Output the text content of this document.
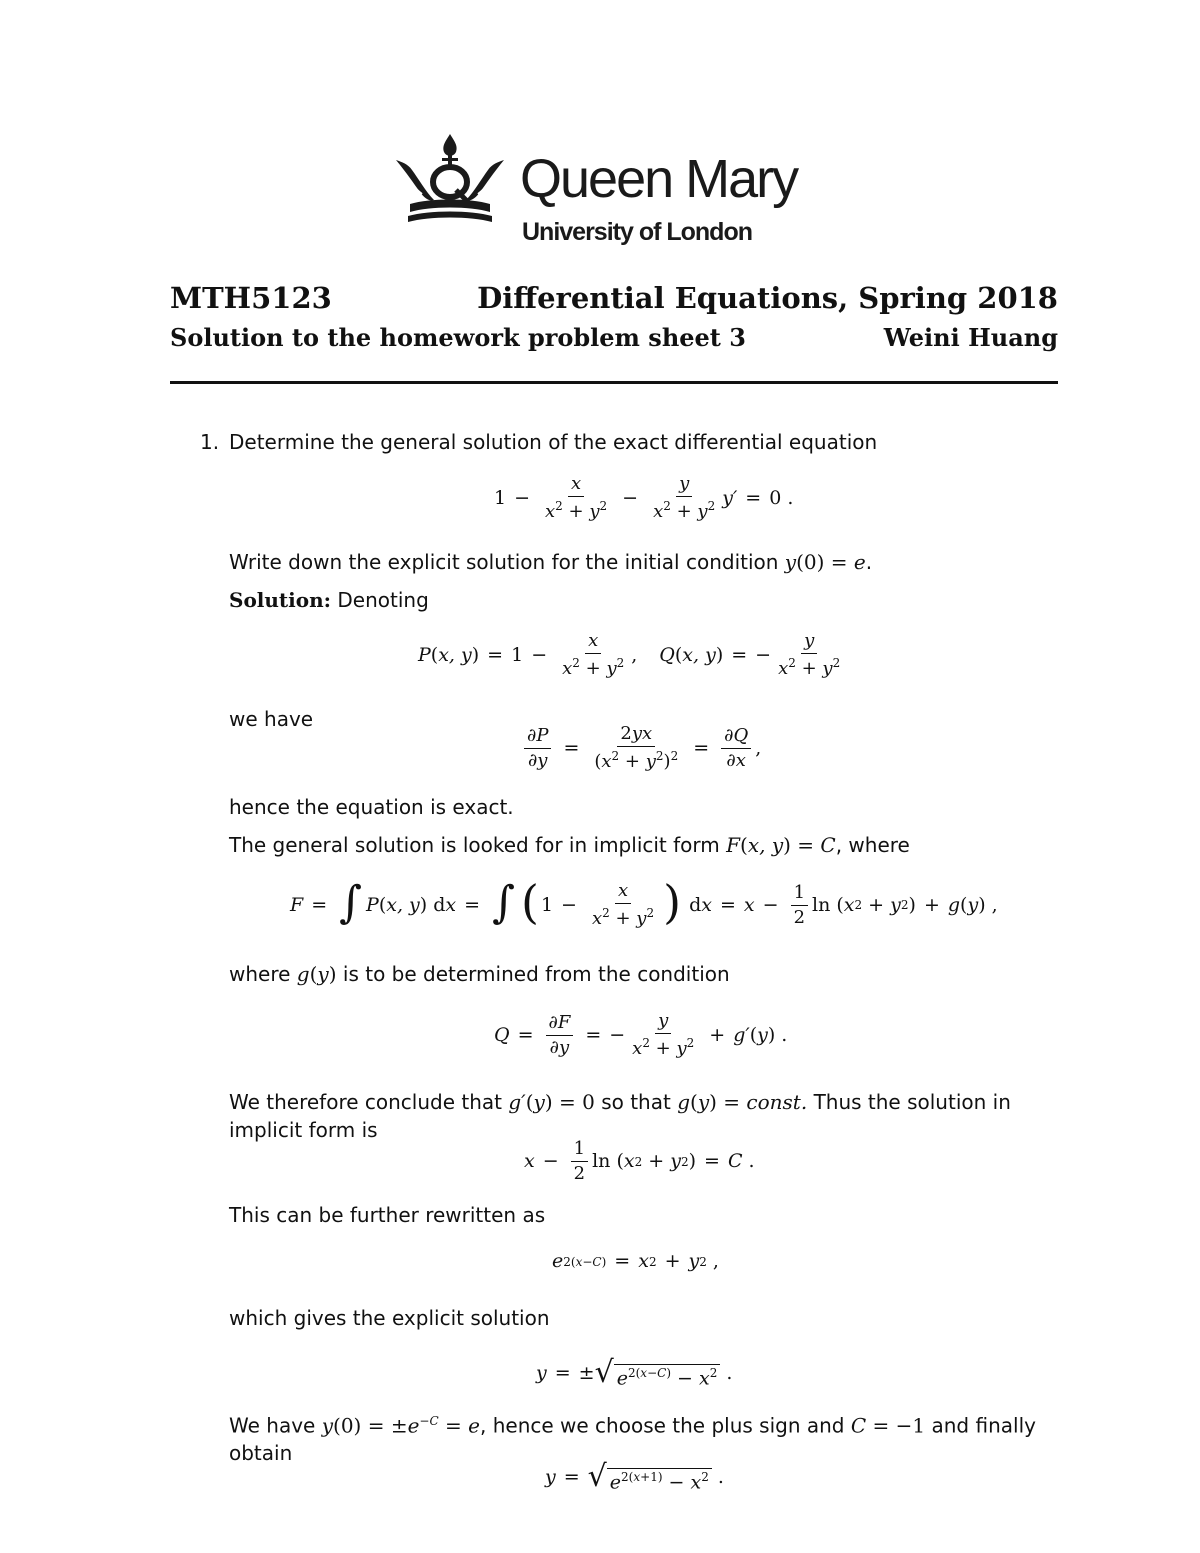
Queen Mary
University of London
MTH5123	Differential Equations, Spring 2018
Solution to the homework problem sheet 3	Weini Huang
1. Determine the general solution of the exact differential equation
$1 - \frac{x}{x^2 + y^2} - \frac{y}{x^2 + y^2} y' = 0$ .
Write down the explicit solution for the initial condition y(0) = e.
Solution: Denoting
P ( x, y ) = $1 - \frac{x}{x^2 + y^2}$ , Q ( x, y ) = − $\frac{y}{x^2 + y^2}$
we have
$\frac{\partial P}{\partial y} = \frac{2yx}{(x^2 + y^2)^2} = \frac{\partial Q}{\partial x}$ ,
hence the equation is exact.
The general solution is looked for in implicit form F(x, y) = C, where
F = ∫ P ( x, y ) d x = ∫ ( $1 - \frac{x}{x^2 + y^2}$ )
d $x = x - \frac{1}{2}$ ln ( x 2 + y 2 ) + g ( y ) ,
where g(y) is to be determined from the condition
$Q = \frac{\partial F}{\partial y}$ = − $\frac{y}{x^2 + y^2} + g'$ ( y ) .
We therefore conclude that g′(y) = 0 so that g(y) = const. Thus the solution in
implicit form is
$x - \frac{1}{2}$ ln ( x 2 + y 2 ) = C .
This can be further rewritten as
e 2(x−C) = x 2 + y 2 ,
which gives the explicit solution
y = ± √ $e^{2(x-C)} - x^2$ .
We have $y(0) = \pm e^{-C} = e$, hence we choose the plus sign and C = −1 and finally
obtain
y = √ $e^{2(x+1)} - x^2$ .
